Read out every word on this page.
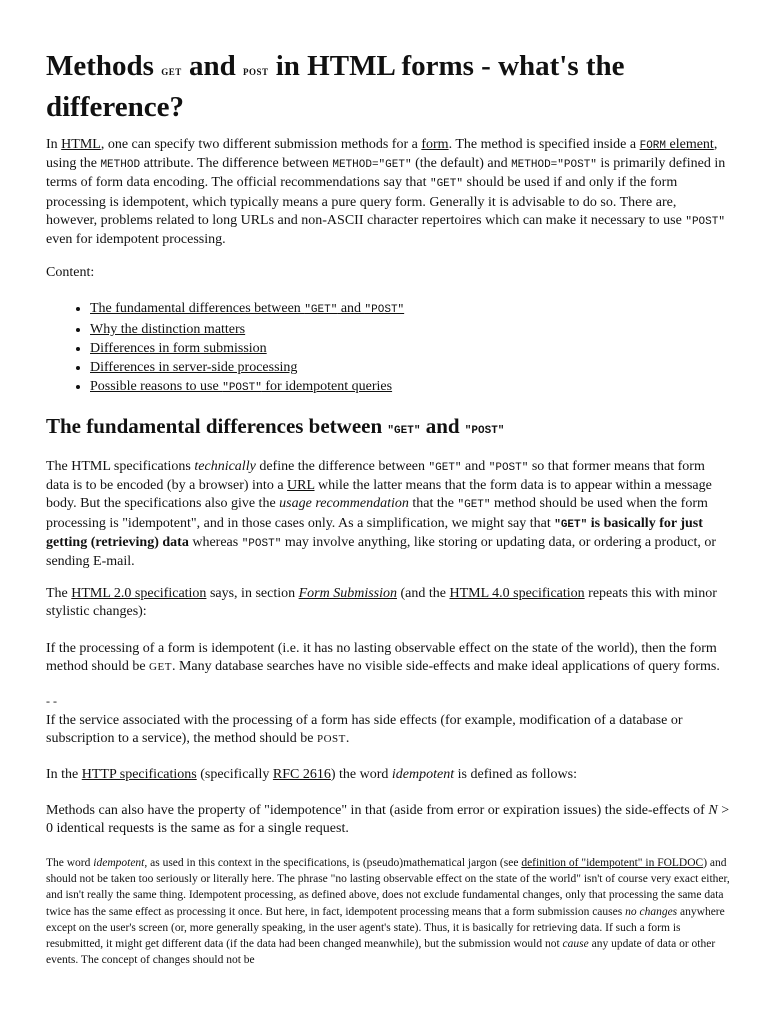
Methods GET and POST in HTML forms - what's the difference?

In HTML, one can specify two different submission methods for a form. The method is specified inside a FORM element, using the METHOD attribute. The difference between METHOD="GET" (the default) and METHOD="POST" is primarily defined in terms of form data encoding. The official recommendations say that "GET" should be used if and only if the form processing is idempotent, which typically means a pure query form. Generally it is advisable to do so. There are, however, problems related to long URLs and non-ASCII character repertoires which can make it necessary to use "POST" even for idempotent processing.

Content:

• The fundamental differences between "GET" and "POST"
• Why the distinction matters
• Differences in form submission
• Differences in server-side processing
• Possible reasons to use "POST" for idempotent queries
The fundamental differences between "GET" and "POST"

The HTML specifications technically define the difference between "GET" and "POST" so that former means that form data is to be encoded (by a browser) into a URL while the latter means that the form data is to appear within a message body. But the specifications also give the usage recommendation that the "GET" method should be used when the form processing is "idempotent", and in those cases only. As a simplification, we might say that "GET" is basically for just getting (retrieving) data whereas "POST" may involve anything, like storing or updating data, or ordering a product, or sending E-mail.

The HTML 2.0 specification says, in section Form Submission (and the HTML 4.0 specification repeats this with minor stylistic changes):

If the processing of a form is idempotent (i.e. it has no lasting observable effect on the state of the world), then the form method should be GET. Many database searches have no visible side-effects and make ideal applications of query forms.

- -

If the service associated with the processing of a form has side effects (for example, modification of a database or subscription to a service), the method should be POST.

In the HTTP specifications (specifically RFC 2616) the word idempotent is defined as follows:

Methods can also have the property of "idempotence" in that (aside from error or expiration issues) the side-effects of N > 0 identical requests is the same as for a single request.

The word idempotent, as used in this context in the specifications, is (pseudo)mathematical jargon (see definition of "idempotent" in FOLDOC) and should not be taken too seriously or literally here. The phrase "no lasting observable effect on the state of the world" isn't of course very exact either, and isn't really the same thing. Idempotent processing, as defined above, does not exclude fundamental changes, only that processing the same data twice has the same effect as processing it once. But here, in fact, idempotent processing means that a form submission causes no changes anywhere except on the user's screen (or, more generally speaking, in the user agent's state). Thus, it is basically for retrieving data. If such a form is resubmitted, it might get different data (if the data had been changed meanwhile), but the submission would not cause any update of data or other events. The concept of changes should not be
